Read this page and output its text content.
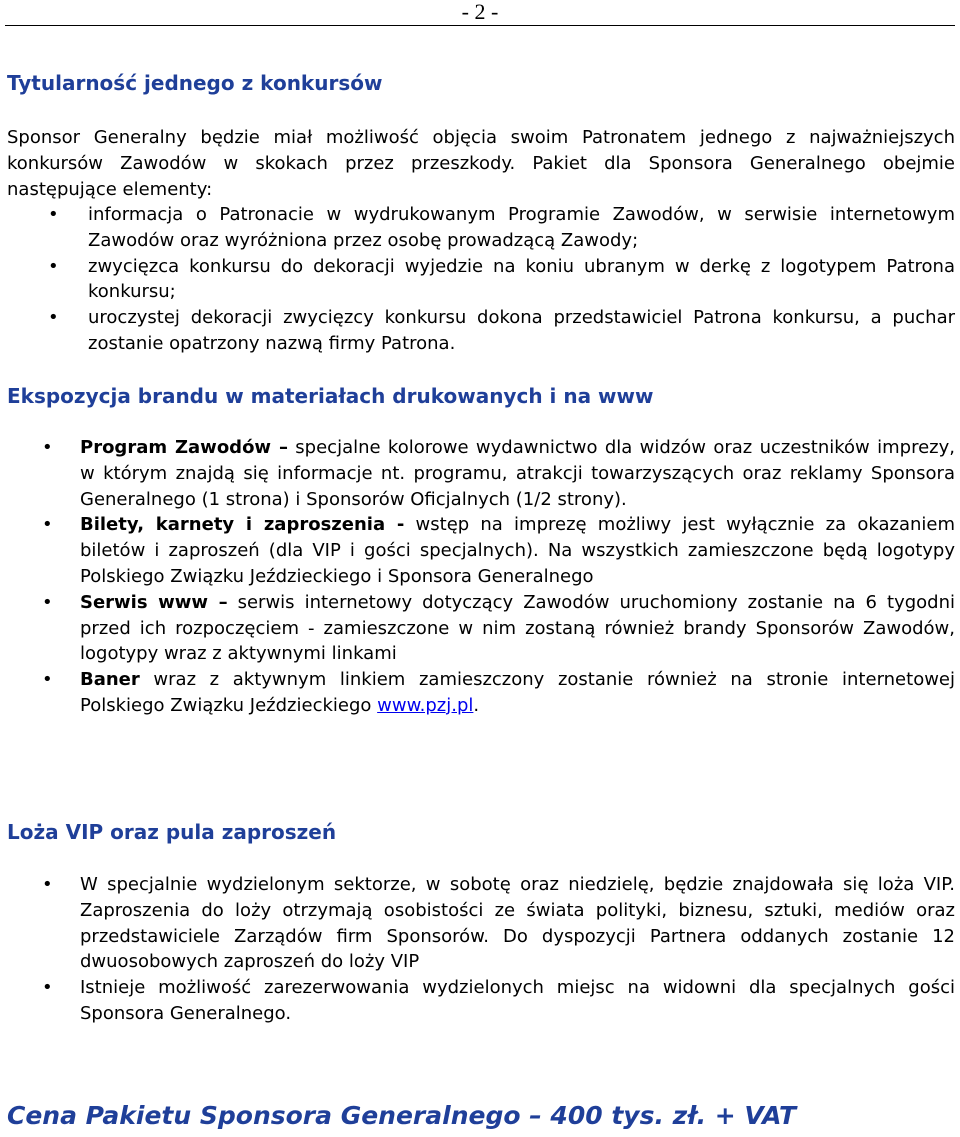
- 2 -
Tytularność jednego z konkursów

Sponsor Generalny będzie miał możliwość objęcia swoim Patronatem jednego z najważniejszych konkursów Zawodów w skokach przez przeszkody. Pakiet dla Sponsora Generalnego obejmie następujące elementy:

• informacja o Patronacie w wydrukowanym Programie Zawodów, w serwisie internetowym Zawodów oraz wyróżniona przez osobę prowadzącą Zawody;
• zwycięzca konkursu do dekoracji wyjedzie na koniu ubranym w derkę z logotypem Patrona konkursu;
• uroczystej dekoracji zwycięzcy konkursu dokona przedstawiciel Patrona konkursu, a puchar zostanie opatrzony nazwą firmy Patrona.
Ekspozycja brandu w materiałach drukowanych i na www
• Program Zawodów – specjalne kolorowe wydawnictwo dla widzów oraz uczestników imprezy, w którym znajdą się informacje nt. programu, atrakcji towarzyszących oraz reklamy Sponsora Generalnego (1 strona) i Sponsorów Oficjalnych (1/2 strony).
• Bilety, karnety i zaproszenia - wstęp na imprezę możliwy jest wyłącznie za okazaniem biletów i zaproszeń (dla VIP i gości specjalnych). Na wszystkich zamieszczone będą logotypy Polskiego Związku Jeździeckiego i Sponsora Generalnego
• Serwis www – serwis internetowy dotyczący Zawodów uruchomiony zostanie na 6 tygodni przed ich rozpoczęciem - zamieszczone w nim zostaną również brandy Sponsorów Zawodów, logotypy wraz z aktywnymi linkami
• Baner wraz z aktywnym linkiem zamieszczony zostanie również na stronie internetowej Polskiego Związku Jeździeckiego www.pzj.pl.
Loża VIP oraz pula zaproszeń
• W specjalnie wydzielonym sektorze, w sobotę oraz niedzielę, będzie znajdowała się loża VIP. Zaproszenia do loży otrzymają osobistości ze świata polityki, biznesu, sztuki, mediów oraz przedstawiciele Zarządów firm Sponsorów. Do dyspozycji Partnera oddanych zostanie 12 dwuosobowych zaproszeń do loży VIP
• Istnieje możliwość zarezerwowania wydzielonych miejsc na widowni dla specjalnych gości Sponsora Generalnego.

Cena Pakietu Sponsora Generalnego – 400 tys. zł. + VAT
